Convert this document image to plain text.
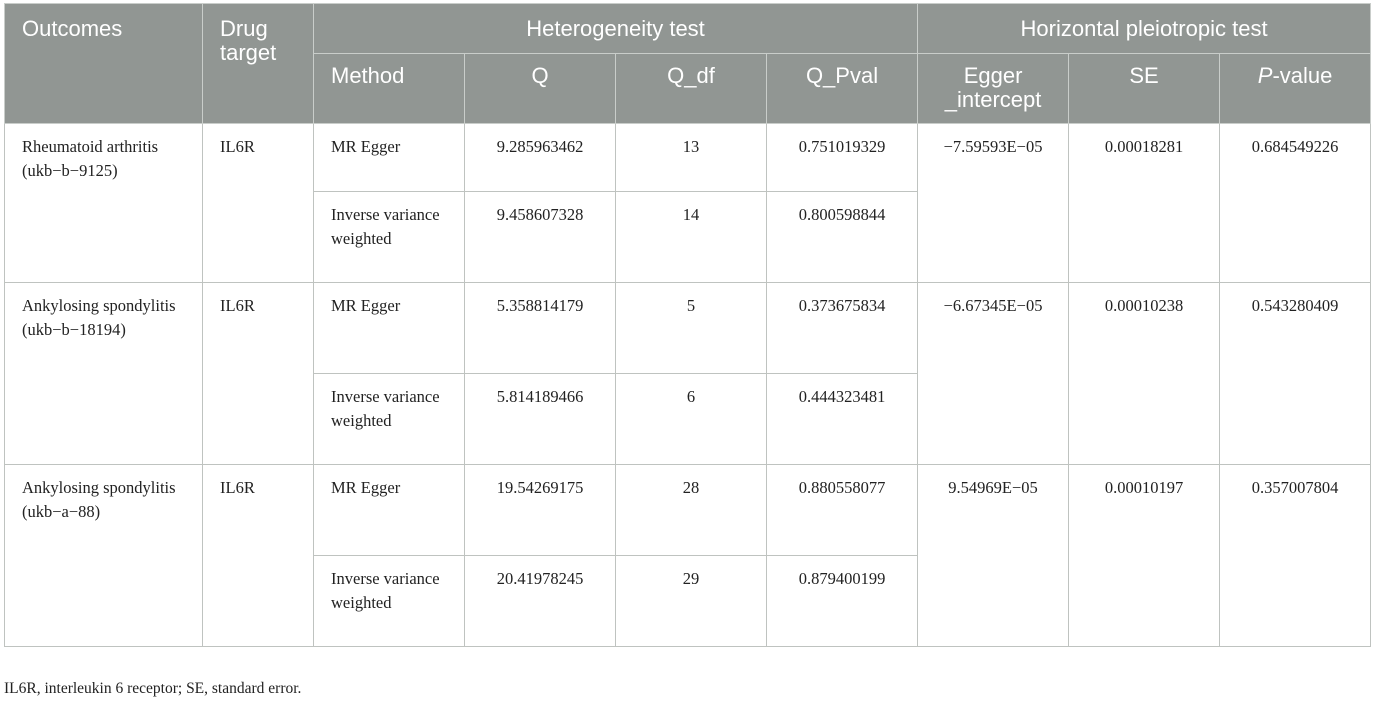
Outcomes	Drug target	Heterogeneity test				Horizontal pleiotropic test		
		Method	Q	Q_df	Q_Pval	Egger _intercept	SE	P-value
Rheumatoid arthritis (ukb−b−9125)	IL6R	MR Egger	9.285963462	13	0.751019329	−7.59593E−05	0.00018281	0.684549226
		Inverse variance weighted	9.458607328	14	0.800598844			
Ankylosing spondylitis (ukb−b−18194)	IL6R	MR Egger	5.358814179	5	0.373675834	−6.67345E−05	0.00010238	0.543280409
		Inverse variance weighted	5.814189466	6	0.444323481			
Ankylosing spondylitis (ukb−a−88)	IL6R	MR Egger	19.54269175	28	0.880558077	9.54969E−05	0.00010197	0.357007804
		Inverse variance weighted	20.41978245	29	0.879400199			
IL6R, interleukin 6 receptor; SE, standard error.
